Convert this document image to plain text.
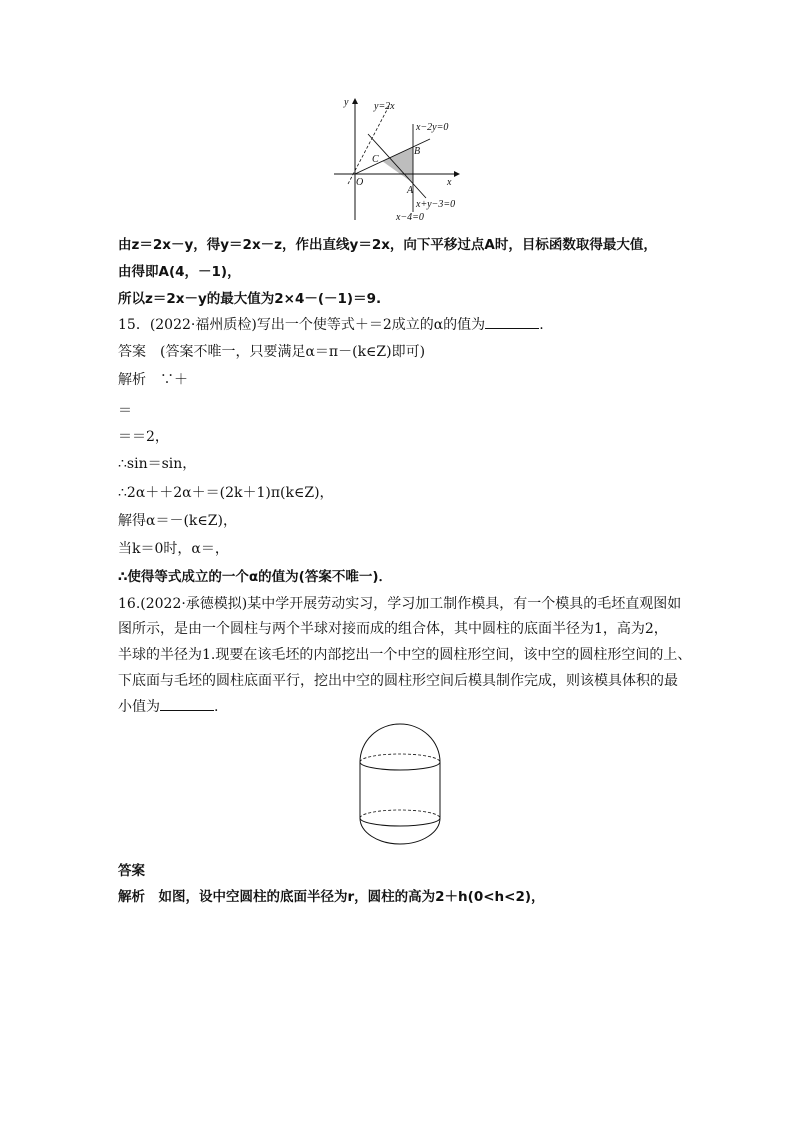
y
x
O
y=2x
x−2y=0
x+y−3=0
x−4=0
A
B
C
由z＝2x－y，得y＝2x－z，作出直线y＝2x，向下平移过点A时，目标函数取得最大值，
由得即A(4，－1)，
所以z＝2x－y的最大值为2×4－(－1)＝9.
15．(2022·福州质检)写出一个使等式＋＝2成立的α的值为	.
答案　(答案不唯一，只要满足α＝π－(k∈Z)即可)
解析　∵＋
＝
＝＝2，
∴sin＝sin，
∴2α＋＋2α＋＝(2k＋1)π(k∈Z)，
解得α＝－(k∈Z)，
当k＝0时，α＝，
∴使得等式成立的一个α的值为(答案不唯一)．
16.(2022·承德模拟)某中学开展劳动实习，学习加工制作模具，有一个模具的毛坯直观图如
图所示，是由一个圆柱与两个半球对接而成的组合体，其中圆柱的底面半径为1，高为2，
半球的半径为1.现要在该毛坯的内部挖出一个中空的圆柱形空间，该中空的圆柱形空间的上、
下底面与毛坯的圆柱底面平行，挖出中空的圆柱形空间后模具制作完成，则该模具体积的最
小值为	.
答案
解析　如图，设中空圆柱的底面半径为r，圆柱的高为2＋h(0<h<2)，
